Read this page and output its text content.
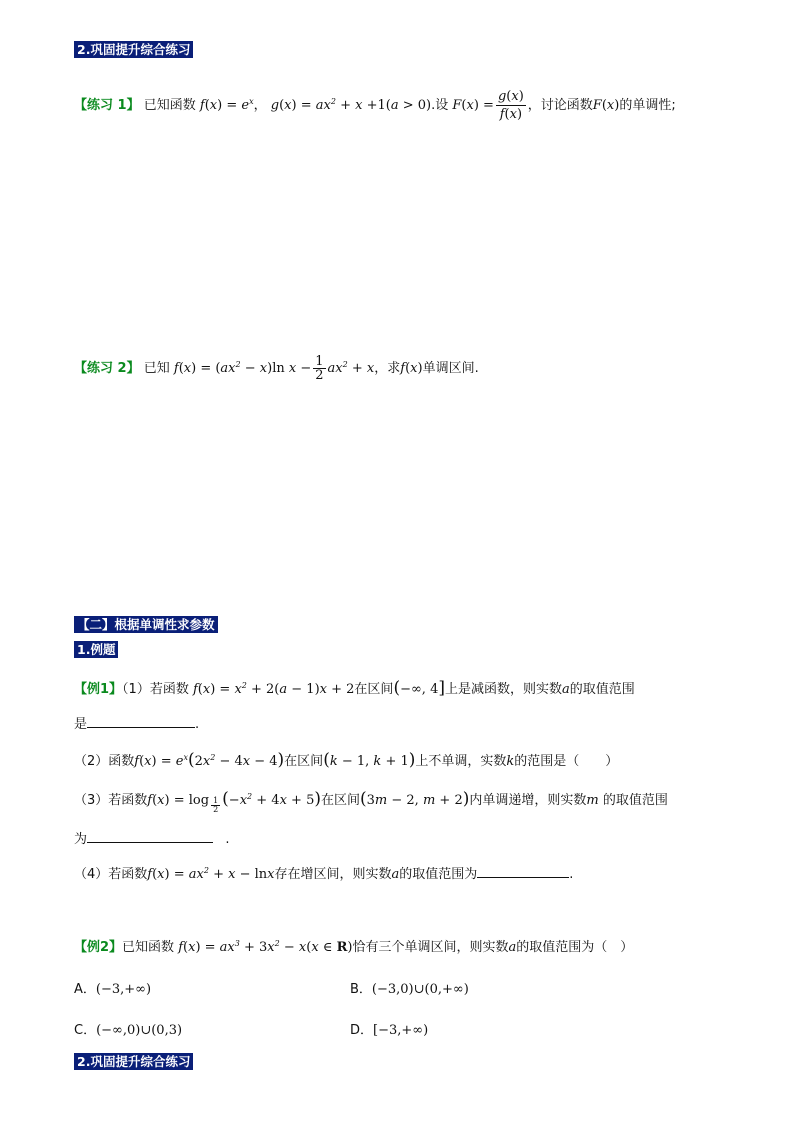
2.巩固提升综合练习
【练习 1】 已知函数 $f(x) = e^x$， $g(x) = ax^2 + x +1(a > 0)$.设 $F(x) = \frac{g(x)}{f(x)}$ ，讨论函数F(x)的单调性;
【练习 2】 已知 $f(x) = (ax^2 - x)\ln$ $x - \frac{1}{2} ax^2 + x$，求f(x)单调区间.
【二】根据单调性求参数
1.例题
【例1】（1）若函数 $f(x) = x^2 + 2(a - 1)x + 2$在区间(−∞, 4]上是减函数，则实数a的取值范围
是	.
（2）函数$f(x) = e^x(2x^2 - 4x - 4)$在区间(k − 1, k + 1)上不单调，实数k的范围是（　　）
（3）若函数f(x) = log $_{\frac{1}{2}}$ $(-x^2 + 4x + 5)$在区间(3m − 2, m + 2)内单调递增，则实数m 的取值范围
为	.
（4）若函数$f(x) = ax^2 + x - \ln x$存在增区间，则实数a的取值范围为	.
【例2】已知函数 $f(x) = ax^3 + 3x^2 - x(x$ ∈ R)恰有三个单调区间，则实数a的取值范围为（　）
A．(−3,+∞)	B．(−3,0)∪(0,+∞)
C．(−∞,0)∪(0,3)	D．[−3,+∞)
2.巩固提升综合练习
